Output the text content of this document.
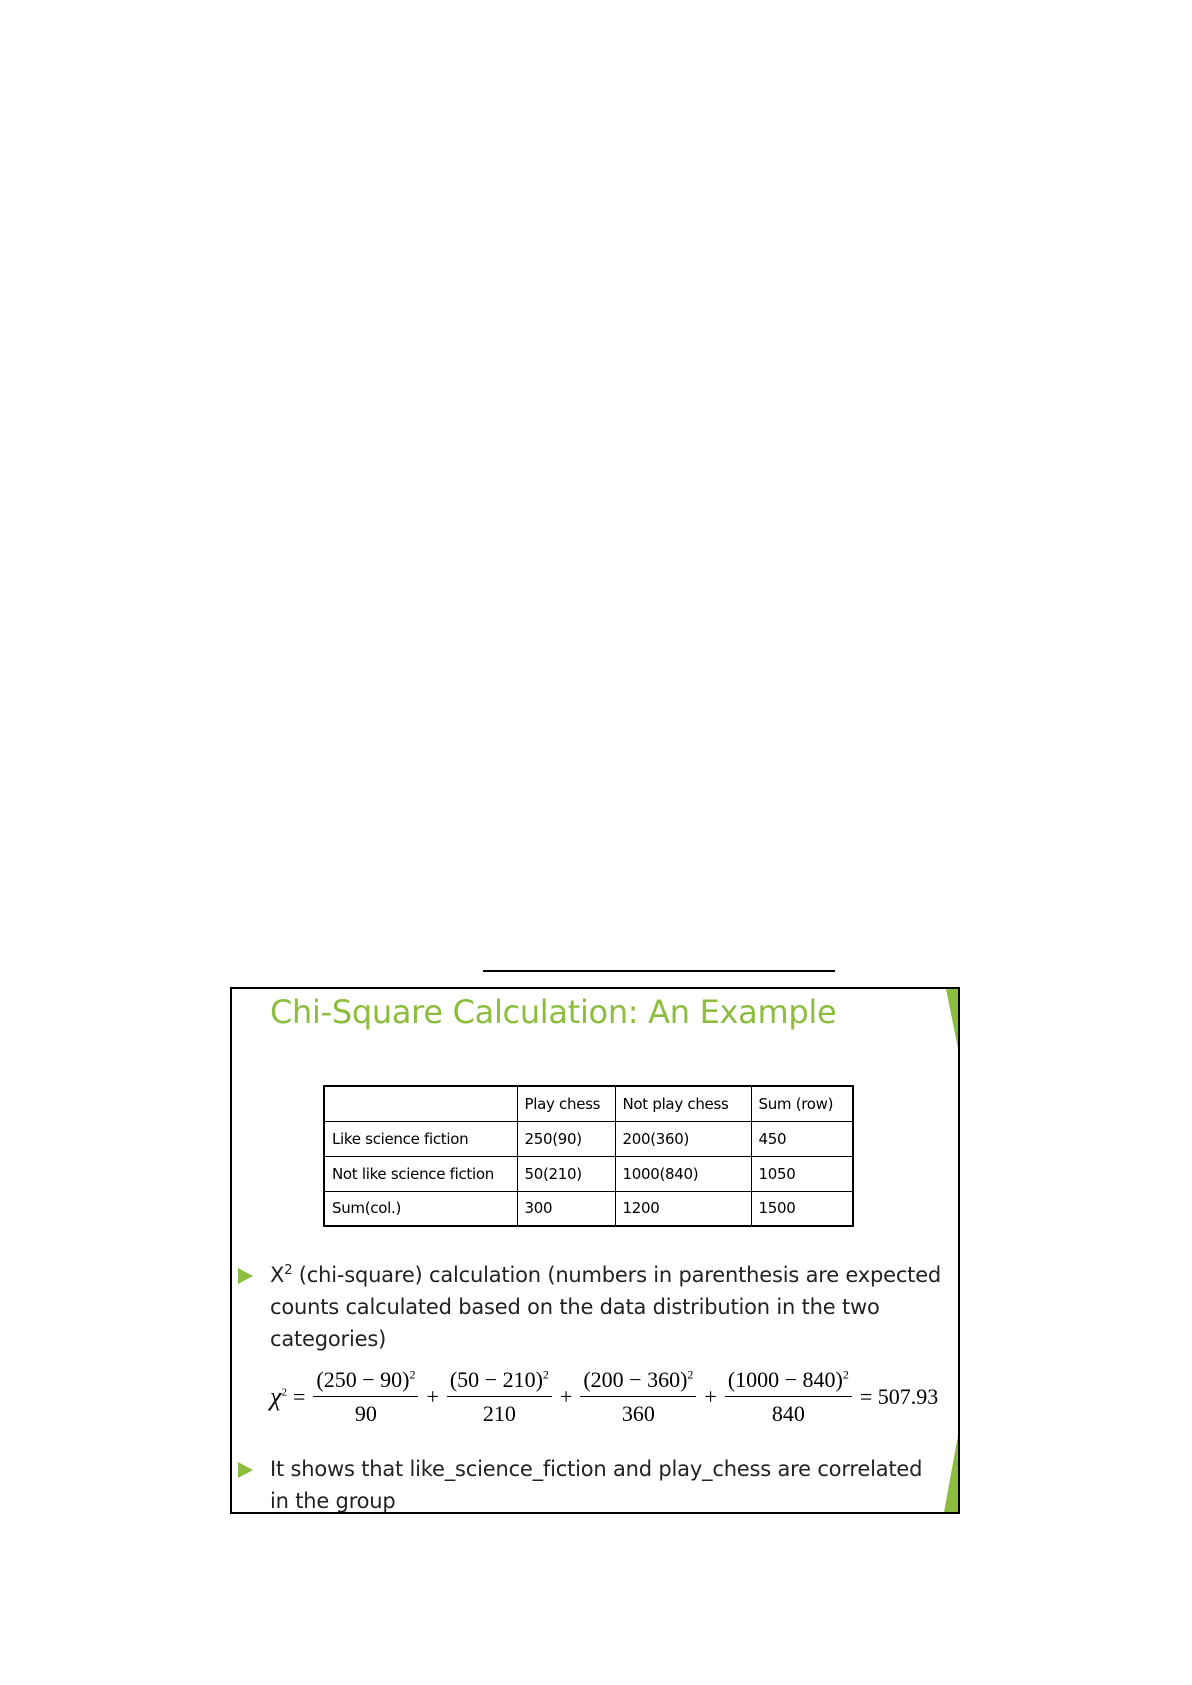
Chi-Square Calculation: An Example
	Play chess	Not play chess	Sum (row)
Like science fiction	250(90)	200(360)	450
Not like science fiction	50(210)	1000(840)	1050
Sum(col.)	300	1200	1500
$X^2$ (chi-square) calculation (numbers in parenthesis are expected
counts calculated based on the data distribution in the two
categories)
$\chi^2 = \frac{(250 - 90)^2}{90} + \frac{(50 - 210)^2}{210} + \frac{(200 - 360)^2}{360} + \frac{(1000 - 840)^2}{840} = 507.93$
It shows that like_science_fiction and play_chess are correlated
in the group
